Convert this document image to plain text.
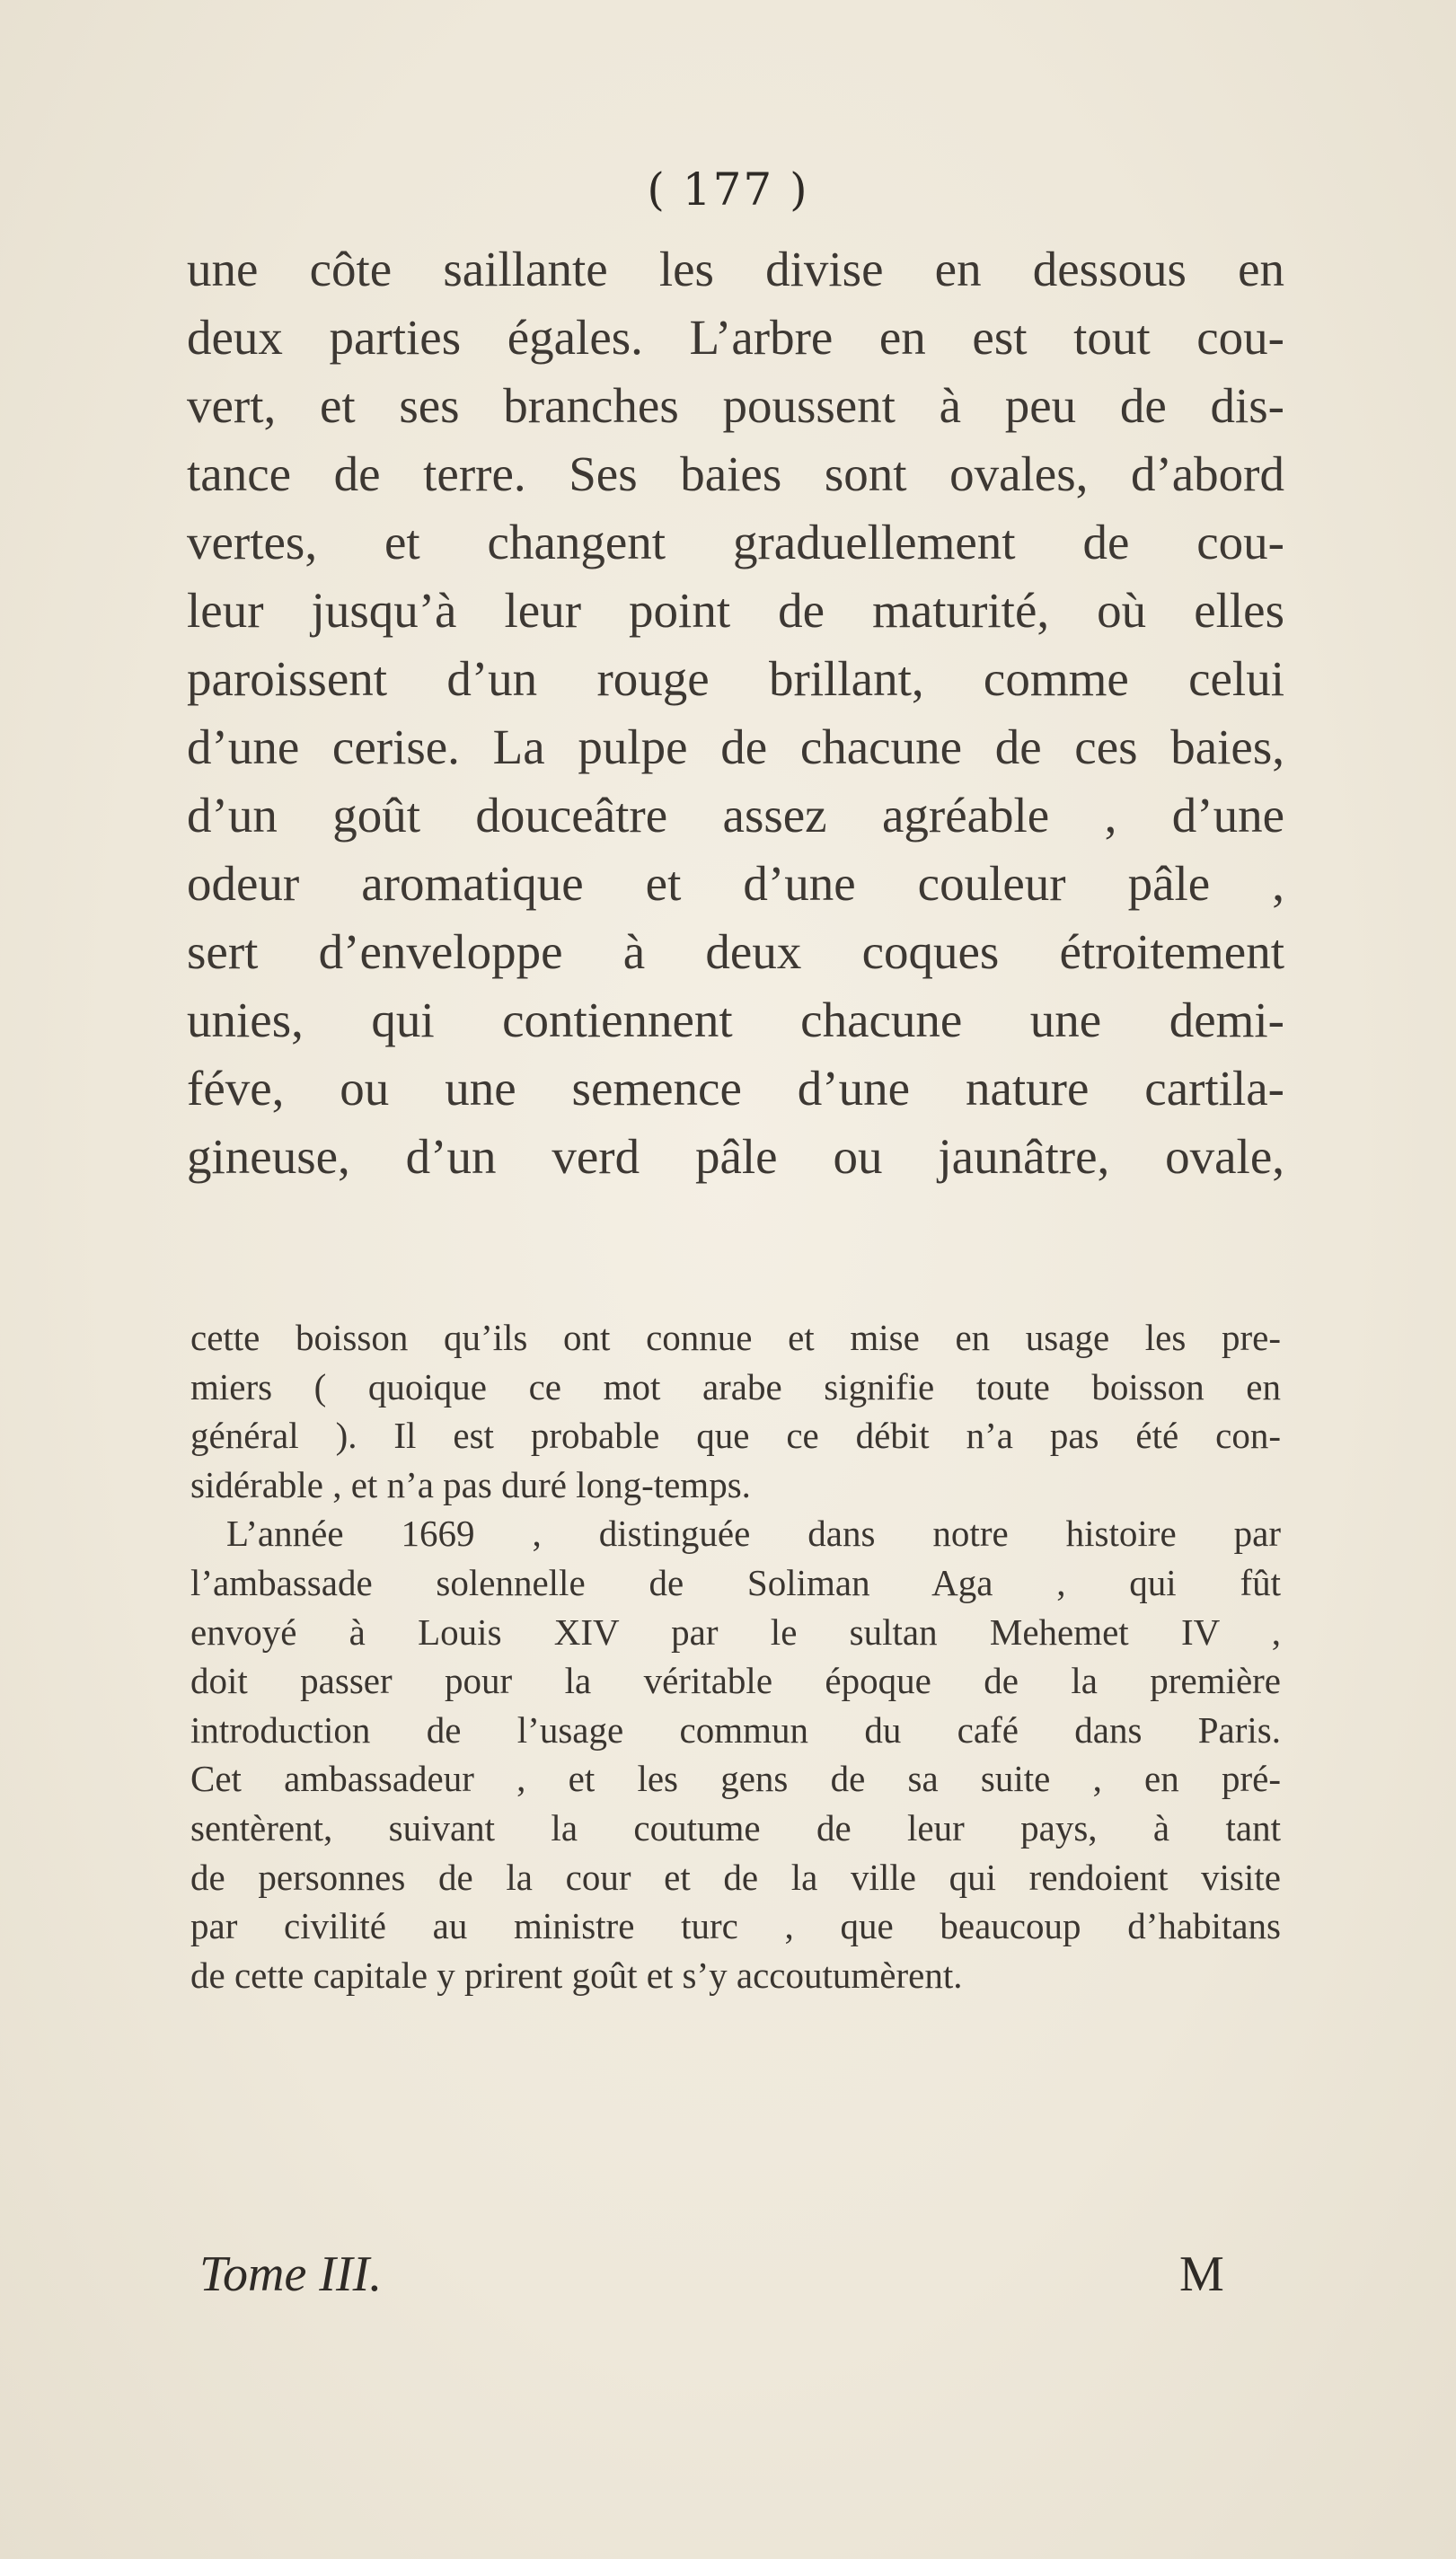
( 177 )
une côte saillante les divise en dessous en
deux parties égales. L’arbre en est tout cou-
vert, et ses branches poussent à peu de dis-
tance de terre. Ses baies sont ovales, d’abord
vertes, et changent graduellement de cou-
leur jusqu’à leur point de maturité, où elles
paroissent d’un rouge brillant, comme celui
d’une cerise. La pulpe de chacune de ces baies,
d’un goût douceâtre assez agréable , d’une
odeur aromatique et d’une couleur pâle ,
sert d’enveloppe à deux coques étroitement
unies, qui contiennent chacune une demi-
féve, ou une semence d’une nature cartila-
gineuse, d’un verd pâle ou jaunâtre, ovale,
cette boisson qu’ils ont connue et mise en usage les pre-
miers ( quoique ce mot arabe signifie toute boisson en
général ). Il est probable que ce débit n’a pas été con-
sidérable , et n’a pas duré long-temps.
L’année 1669 , distinguée dans notre histoire par
l’ambassade solennelle de Soliman Aga , qui fût
envoyé à Louis XIV par le sultan Mehemet IV ,
doit passer pour la véritable époque de la première
introduction de l’usage commun du café dans Paris.
Cet ambassadeur , et les gens de sa suite , en pré-
sentèrent, suivant la coutume de leur pays, à tant
de personnes de la cour et de la ville qui rendoient visite
par civilité au ministre turc , que beaucoup d’habitans
de cette capitale y prirent goût et s’y accoutumèrent.
Tome III.	M
